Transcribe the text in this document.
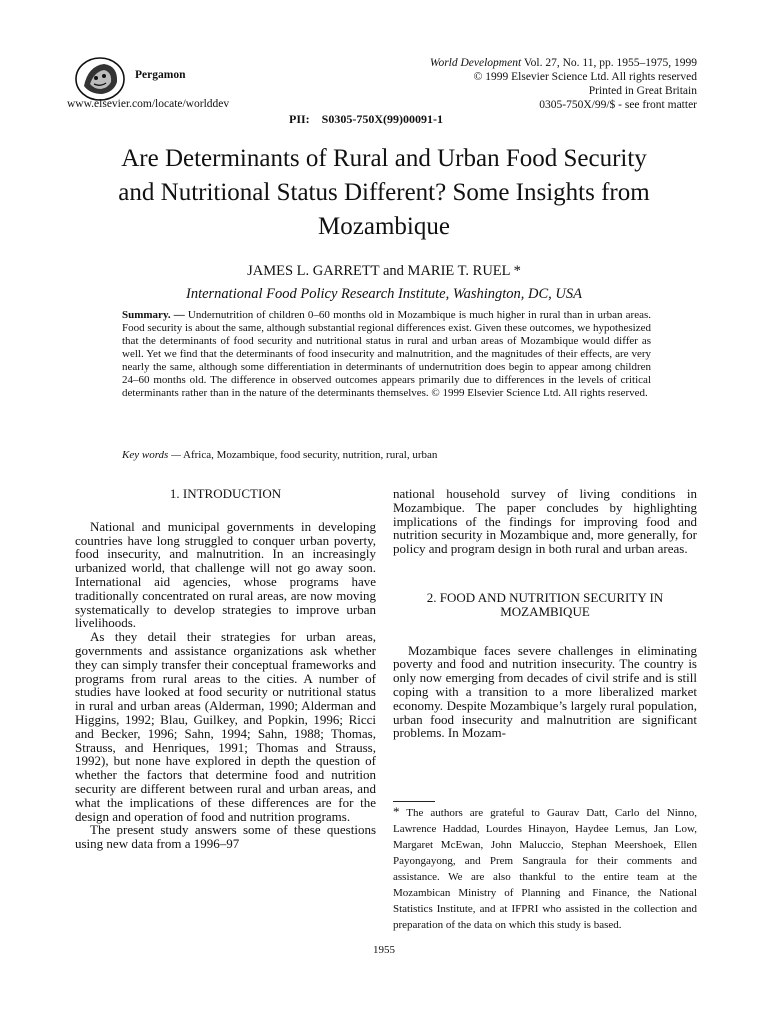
Pergamon
www.elsevier.com/locate/worlddev
World Development Vol. 27, No. 11, pp. 1955–1975, 1999
© 1999 Elsevier Science Ltd. All rights reserved
Printed in Great Britain
0305-750X/99/$ - see front matter
PII: S0305-750X(99)00091-1
Are Determinants of Rural and Urban Food Security
and Nutritional Status Different? Some Insights from
Mozambique
JAMES L. GARRETT and MARIE T. RUEL *
International Food Policy Research Institute, Washington, DC, USA
Summary. — Undernutrition of children 0–60 months old in Mozambique is much higher in rural than in urban areas. Food security is about the same, although substantial regional differences exist. Given these outcomes, we hypothesized that the determinants of food security and nutritional status in rural and urban areas of Mozambique would differ as well. Yet we find that the determinants of food insecurity and malnutrition, and the magnitudes of their effects, are very nearly the same, although some differentiation in determinants of undernutrition does begin to appear among children 24–60 months old. The difference in observed outcomes appears primarily due to differences in the levels of critical determinants rather than in the nature of the determinants themselves. © 1999 Elsevier Science Ltd. All rights reserved.
Key words — Africa, Mozambique, food security, nutrition, rural, urban
1. INTRODUCTION

National and municipal governments in developing countries have long struggled to conquer urban poverty, food insecurity, and malnutrition. In an increasingly urbanized world, that challenge will not go away soon. International aid agencies, whose programs have traditionally concentrated on rural areas, are now moving systematically to develop strategies to improve urban livelihoods.

As they detail their strategies for urban areas, governments and assistance organizations ask whether they can simply transfer their conceptual frameworks and programs from rural areas to the cities. A number of studies have looked at food security or nutritional status in rural and urban areas (Alderman, 1990; Alderman and Higgins, 1992; Blau, Guilkey, and Popkin, 1996; Ricci and Becker, 1996; Sahn, 1994; Sahn, 1988; Thomas, Strauss, and Henriques, 1991; Thomas and Strauss, 1992), but none have explored in depth the question of whether the factors that determine food and nutrition security are different between rural and urban areas, and what the implications of these differences are for the design and operation of food and nutrition programs.

The present study answers some of these questions using new data from a 1996–97

national household survey of living conditions in Mozambique. The paper concludes by highlighting implications of the findings for improving food and nutrition security in Mozambique and, more generally, for policy and program design in both rural and urban areas.

2. FOOD AND NUTRITION SECURITY IN
MOZAMBIQUE

Mozambique faces severe challenges in eliminating poverty and food and nutrition insecurity. The country is only now emerging from decades of civil strife and is still coping with a transition to a more liberalized market economy. Despite Mozambique’s largely rural population, urban food insecurity and malnutrition are significant problems. In Mozam-

* The authors are grateful to Gaurav Datt, Carlo del Ninno, Lawrence Haddad, Lourdes Hinayon, Haydee Lemus, Jan Low, Margaret McEwan, John Maluccio, Stephan Meershoek, Ellen Payongayong, and Prem Sangraula for their comments and assistance. We are also thankful to the entire team at the Mozambican Ministry of Planning and Finance, the National Statistics Institute, and at IFPRI who assisted in the collection and preparation of the data on which this study is based.
1955
